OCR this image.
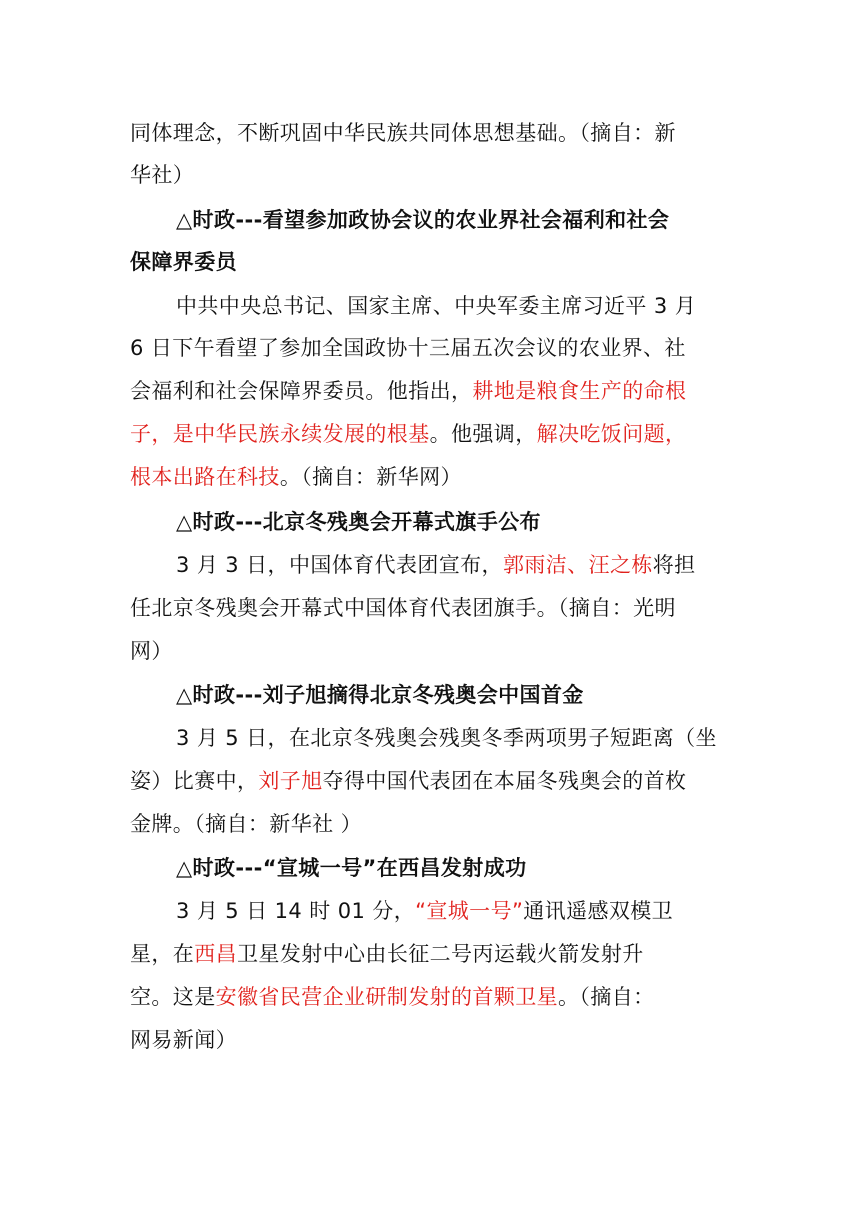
同体理念，不断巩固中华民族共同体思想基础。（摘自：新
华社）
△时政---看望参加政协会议的农业界社会福利和社会
保障界委员
中共中央总书记、国家主席、中央军委主席习近平 3 月
6 日下午看望了参加全国政协十三届五次会议的农业界、社
会福利和社会保障界委员。他指出，耕地是粮食生产的命根
子，是中华民族永续发展的根基。他强调，解决吃饭问题，
根本出路在科技。（摘自：新华网）
△时政---北京冬残奥会开幕式旗手公布
3 月 3 日，中国体育代表团宣布，郭雨洁、汪之栋将担
任北京冬残奥会开幕式中国体育代表团旗手。（摘自：光明
网）
△时政---刘子旭摘得北京冬残奥会中国首金
3 月 5 日，在北京冬残奥会残奥冬季两项男子短距离（坐
姿）比赛中，刘子旭夺得中国代表团在本届冬残奥会的首枚
金牌。（摘自：新华社 ）
△时政---“宣城一号”在西昌发射成功
3 月 5 日 14 时 01 分，“宣城一号”通讯遥感双模卫
星，在西昌卫星发射中心由长征二号丙运载火箭发射升
空。这是安徽省民营企业研制发射的首颗卫星。（摘自：
网易新闻）
